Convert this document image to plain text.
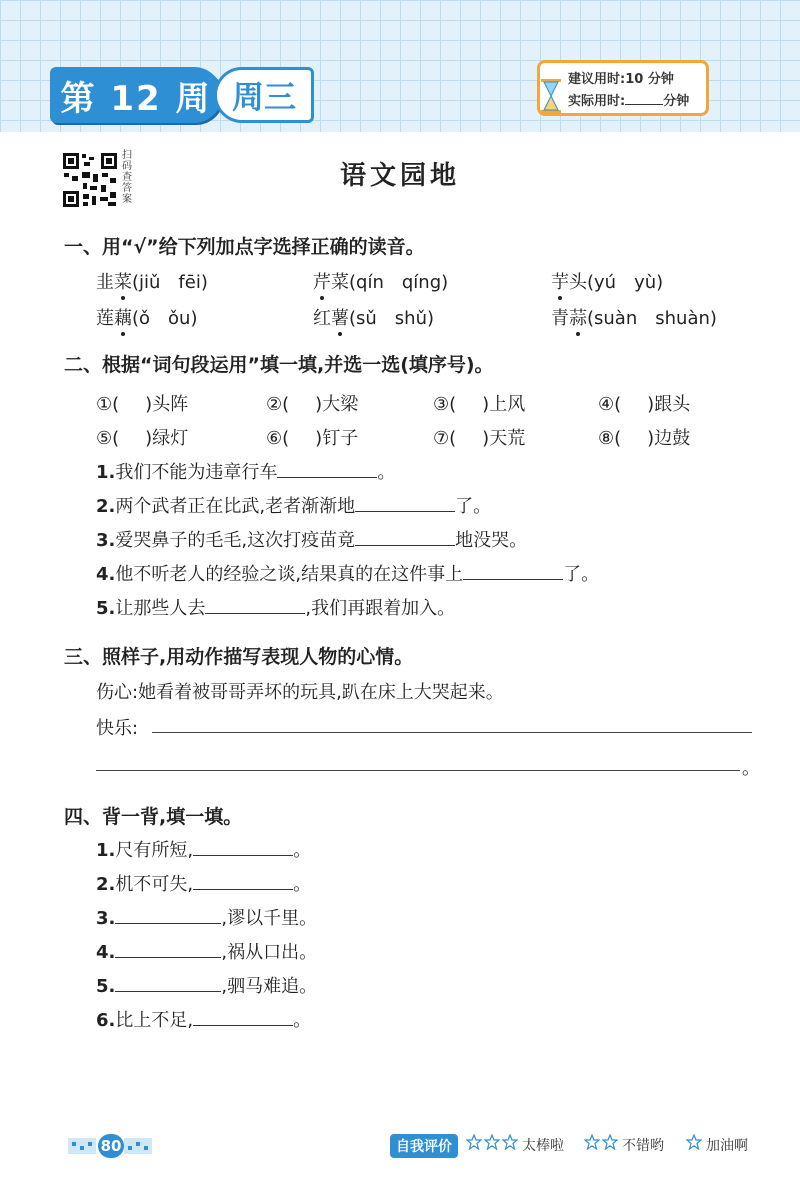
第 12 周 周三	建议用时:10 分钟
实际用时:	分钟
扫码查答案
语文园地
一、用“√”给下列加点字选择正确的读音。
韭菜(jiǔ　fēi)	芹菜(qín　qíng)	芋头(yú　yù)
莲藕(ǒ　ǒu)	红薯(sǔ　shǔ)	青蒜(suàn　shuàn)
二、根据“词句段运用”填一填,并选一选(填序号)。
①( )头阵	②( )大梁	③( )上风	④( )跟头
⑤( )绿灯	⑥( )钉子	⑦( )天荒	⑧( )边鼓
1.我们不能为违章行车	。
2.两个武者正在比武,老者渐渐地	了。
3.爱哭鼻子的毛毛,这次打疫苗竟	地没哭。
4.他不听老人的经验之谈,结果真的在这件事上	了。
5.让那些人去	,我们再跟着加入。
三、照样子,用动作描写表现人物的心情。
伤心:她看着被哥哥弄坏的玩具,趴在床上大哭起来。
快乐:
。
四、背一背,填一填。
1.尺有所短,	。
2.机不可失,	。
3.	,谬以千里。
4.	,祸从口出。
5.	,驷马难追。
6.比上不足,	。
80	自我评价	太棒啦	不错哟	加油啊
